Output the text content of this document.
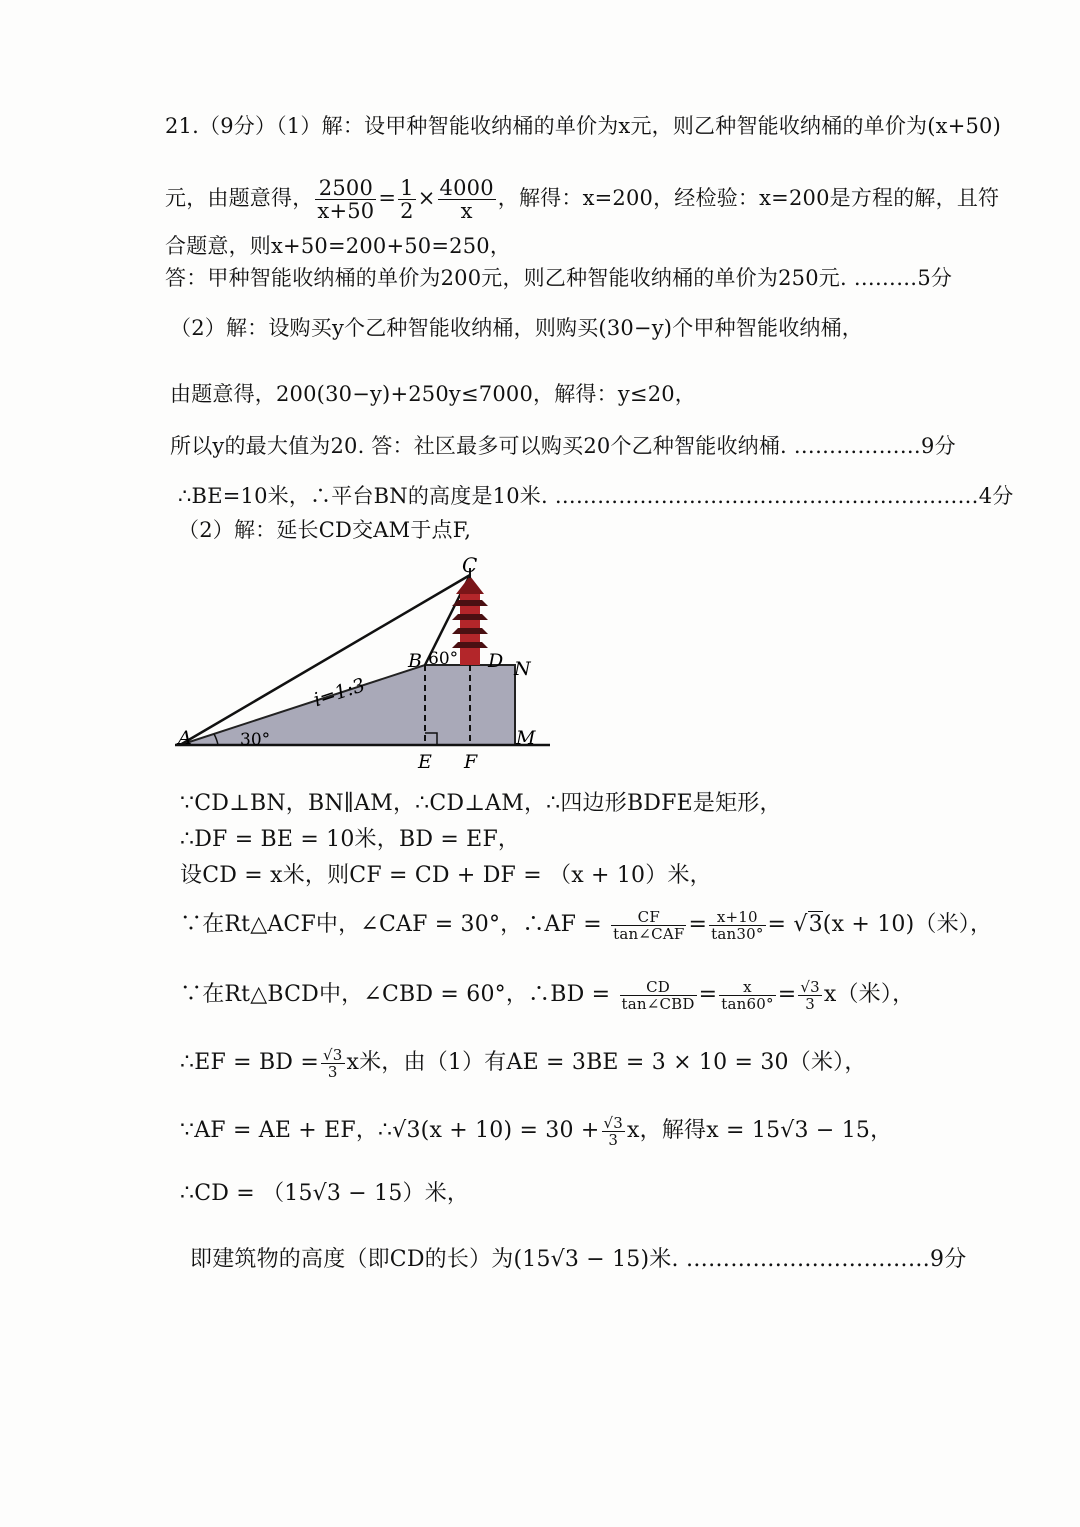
21.（9分）（1）解：设甲种智能收纳桶的单价为x元，则乙种智能收纳桶的单价为(x+50)
元，由题意得， $\frac{2500}{x+50} = \frac{1}{2} \times \frac{4000}{x}$ ，解得：x=200，经检验：x=200是方程的解，且符
合题意，则x+50=200+50=250，
答：甲种智能收纳桶的单价为200元，则乙种智能收纳桶的单价为250元. ………5分
（2）解：设购买y个乙种智能收纳桶，则购买(30−y)个甲种智能收纳桶，
由题意得，200(30−y)+250y≤7000，解得：y≤20，
所以y的最大值为20. 答：社区最多可以购买20个乙种智能收纳桶. ………………9分
∴BE=10米，∴平台BN的高度是10米. ……………………………………………………4分
（2）解：延长CD交AM于点F,
C
B 60° D N
i=1:3
A	30°	M
E F
∵CD⊥BN，BN∥AM，∴CD⊥AM，∴四边形BDFE是矩形，
∴DF = BE = 10米，BD = EF，
设CD = x米，则CF = CD + DF = （x + 10）米，
∵在Rt△ACF中，∠CAF = 30°，∴AF = $\frac{CF}{\text{tan∠CAF}} = \frac{x+10}{\tan 30^\circ} = √3(x + 10)$（米），
∵在Rt△BCD中，∠CBD = 60°，∴BD = $\frac{CD}{\text{tan∠CBD}} = \frac{x}{\tan 60^\circ} = \frac{√3}{3} x$（米），
∴EF = BD = $\frac{√3}{3}$ x米，由（1）有AE = 3BE = 3 × 10 = 30（米），
∵AF = AE + EF，∴√3(x + $10) = 30 + \frac{√3}{3}$ x，解得x = 15√3 − 15，
∴CD = （15√3 − 15）米，
即建筑物的高度（即CD的长）为(15√3 − 15)米. ……………………………9分
